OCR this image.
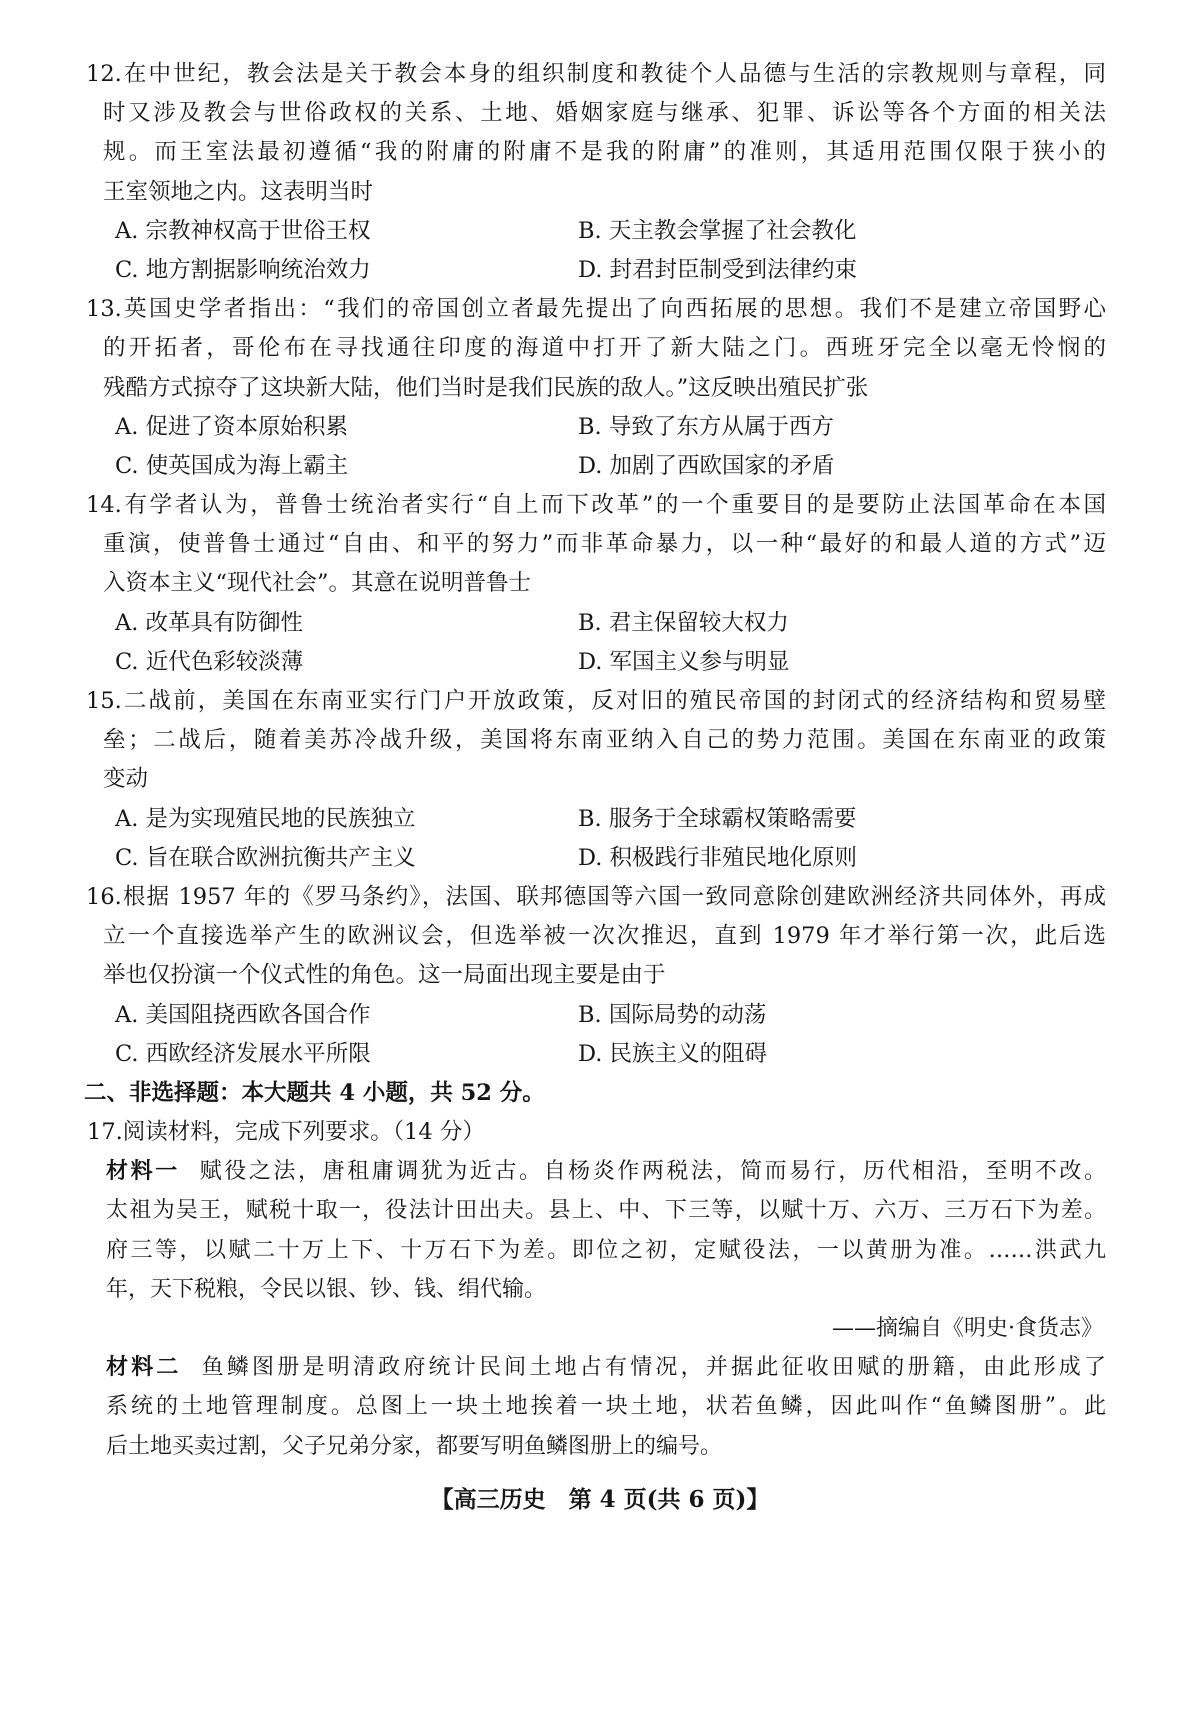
12.在中世纪，教会法是关于教会本身的组织制度和教徒个人品德与生活的宗教规则与章程，同
时又涉及教会与世俗政权的关系、土地、婚姻家庭与继承、犯罪、诉讼等各个方面的相关法
规。而王室法最初遵循“我的附庸的附庸不是我的附庸”的准则，其适用范围仅限于狭小的
王室领地之内。这表明当时
A. 宗教神权高于世俗王权	B. 天主教会掌握了社会教化
C. 地方割据影响统治效力	D. 封君封臣制受到法律约束
13.英国史学者指出：“我们的帝国创立者最先提出了向西拓展的思想。我们不是建立帝国野心
的开拓者，哥伦布在寻找通往印度的海道中打开了新大陆之门。西班牙完全以毫无怜悯的
残酷方式掠夺了这块新大陆，他们当时是我们民族的敌人。”这反映出殖民扩张
A. 促进了资本原始积累	B. 导致了东方从属于西方
C. 使英国成为海上霸主	D. 加剧了西欧国家的矛盾
14.有学者认为，普鲁士统治者实行“自上而下改革”的一个重要目的是要防止法国革命在本国
重演，使普鲁士通过“自由、和平的努力”而非革命暴力，以一种“最好的和最人道的方式”迈
入资本主义“现代社会”。其意在说明普鲁士
A. 改革具有防御性	B. 君主保留较大权力
C. 近代色彩较淡薄	D. 军国主义参与明显
15.二战前，美国在东南亚实行门户开放政策，反对旧的殖民帝国的封闭式的经济结构和贸易壁
垒；二战后，随着美苏冷战升级，美国将东南亚纳入自己的势力范围。美国在东南亚的政策
变动
A. 是为实现殖民地的民族独立	B. 服务于全球霸权策略需要
C. 旨在联合欧洲抗衡共产主义	D. 积极践行非殖民地化原则
16.根据 1957 年的《罗马条约》，法国、联邦德国等六国一致同意除创建欧洲经济共同体外，再成
立一个直接选举产生的欧洲议会，但选举被一次次推迟，直到 1979 年才举行第一次，此后选
举也仅扮演一个仪式性的角色。这一局面出现主要是由于
A. 美国阻挠西欧各国合作	B. 国际局势的动荡
C. 西欧经济发展水平所限	D. 民族主义的阻碍
二、非选择题：本大题共 4 小题，共 52 分。
17.阅读材料，完成下列要求。（14 分）
材料一 赋役之法，唐租庸调犹为近古。自杨炎作两税法，简而易行，历代相沿，至明不改。
太祖为吴王，赋税十取一，役法计田出夫。县上、中、下三等，以赋十万、六万、三万石下为差。
府三等，以赋二十万上下、十万石下为差。即位之初，定赋役法，一以黄册为准。……洪武九
年，天下税粮，令民以银、钞、钱、绢代输。
——摘编自《明史·食货志》
材料二 鱼鳞图册是明清政府统计民间土地占有情况，并据此征收田赋的册籍，由此形成了
系统的土地管理制度。总图上一块土地挨着一块土地，状若鱼鳞，因此叫作“鱼鳞图册”。此
后土地买卖过割，父子兄弟分家，都要写明鱼鳞图册上的编号。
【高三历史　第 4 页(共 6 页)】
